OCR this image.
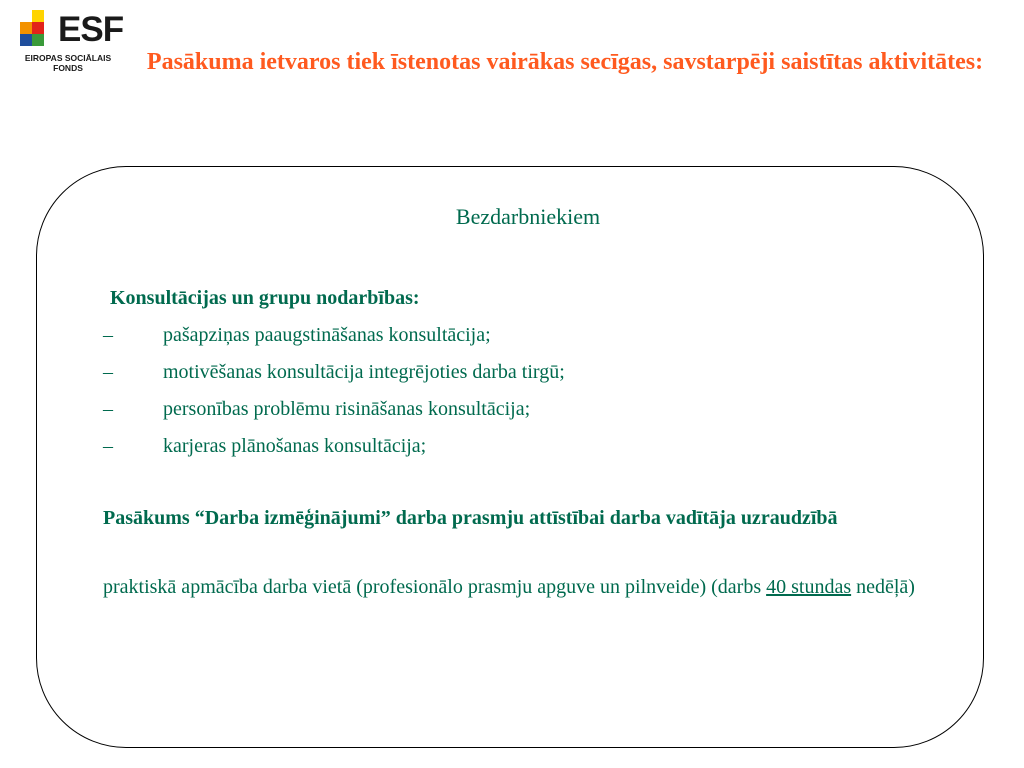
ESF
EIROPAS SOCIĀLAIS
FONDS	Pasākuma ietvaros tiek īstenotas vairākas secīgas, savstarpēji saistītas aktivitātes:
Bezdarbniekiem
Konsultācijas un grupu nodarbības:
–	pašapziņas paaugstināšanas konsultācija;
–	motivēšanas konsultācija integrējoties darba tirgū;
–	personības problēmu risināšanas konsultācija;
–	karjeras plānošanas konsultācija;
Pasākums “Darba izmēģinājumi” darba prasmju attīstībai darba vadītāja uzraudzībā
praktiskā apmācība darba vietā (profesionālo prasmju apguve un pilnveide) (darbs 40 stundas nedēļā)
